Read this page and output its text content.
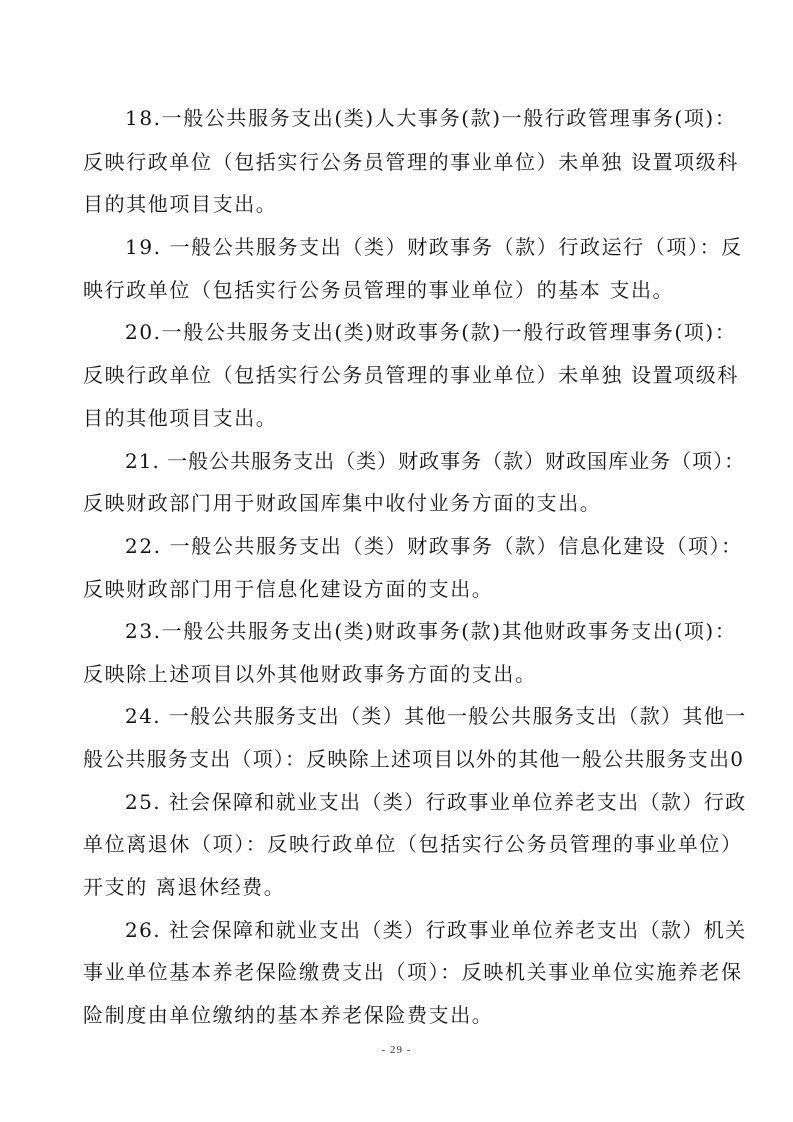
18.一般公共服务支出(类)人大事务(款)一般行政管理事务(项)：
反映行政单位（包括实行公务员管理的事业单位）未单独 设置项级科
目的其他项目支出。
19. 一般公共服务支出（类）财政事务（款）行政运行（项）：反
映行政单位（包括实行公务员管理的事业单位）的基本 支出。
20.一般公共服务支出(类)财政事务(款)一般行政管理事务(项)：
反映行政单位（包括实行公务员管理的事业单位）未单独 设置项级科
目的其他项目支出。
21. 一般公共服务支出（类）财政事务（款）财政国库业务（项）：
反映财政部门用于财政国库集中收付业务方面的支出。
22. 一般公共服务支出（类）财政事务（款）信息化建设（项）：
反映财政部门用于信息化建设方面的支出。
23.一般公共服务支出(类)财政事务(款)其他财政事务支出(项)：
反映除上述项目以外其他财政事务方面的支出。
24. 一般公共服务支出（类）其他一般公共服务支出（款）其他一
般公共服务支出（项）：反映除上述项目以外的其他一般公共服务支出0
25. 社会保障和就业支出（类）行政事业单位养老支出（款）行政
单位离退休（项）：反映行政单位（包括实行公务员管理的事业单位）
开支的 离退休经费。
26. 社会保障和就业支出（类）行政事业单位养老支出（款）机关
事业单位基本养老保险缴费支出（项）：反映机关事业单位实施养老保
险制度由单位缴纳的基本养老保险费支出。
- 29 -
